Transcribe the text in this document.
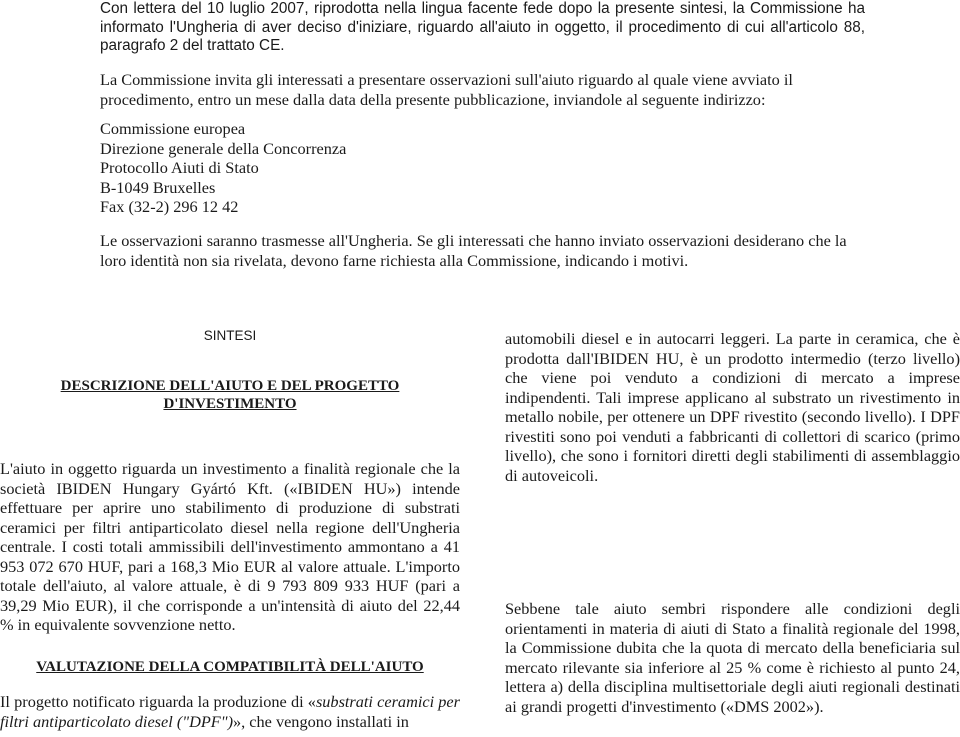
Con lettera del 10 luglio 2007, riprodotta nella lingua facente fede dopo la presente sintesi, la Commissione ha informato l'Ungheria di aver deciso d'iniziare, riguardo all'aiuto in oggetto, il procedimento di cui all'articolo 88, paragrafo 2 del trattato CE.

La Commissione invita gli interessati a presentare osservazioni sull'aiuto riguardo al quale viene avviato il procedimento, entro un mese dalla data della presente pubblicazione, inviandole al seguente indirizzo:

Commissione europea
Direzione generale della Concorrenza
Protocollo Aiuti di Stato
B-1049 Bruxelles
Fax (32-2) 296 12 42

Le osservazioni saranno trasmesse all'Ungheria. Se gli interessati che hanno inviato osservazioni desiderano che la loro identità non sia rivelata, devono farne richiesta alla Commissione, indicando i motivi.

SINTESI
DESCRIZIONE DELL'AIUTO E DEL PROGETTO D'INVESTIMENTO

L'aiuto in oggetto riguarda un investimento a finalità regionale che la società IBIDEN Hungary Gyártó Kft. («IBIDEN HU») intende effettuare per aprire uno stabilimento di produzione di substrati ceramici per filtri antiparticolato diesel nella regione dell'Ungheria centrale. I costi totali ammissibili dell'investimento ammontano a 41 953 072 670 HUF, pari a 168,3 Mio EUR al valore attuale. L'importo totale dell'aiuto, al valore attuale, è di 9 793 809 933 HUF (pari a 39,29 Mio EUR), il che corrisponde a un'intensità di aiuto del 22,44 % in equivalente sovvenzione netto.

VALUTAZIONE DELLA COMPATIBILITÀ DELL'AIUTO

Il progetto notificato riguarda la produzione di «substrati ceramici per filtri antiparticolato diesel ("DPF")», che vengono installati in

automobili diesel e in autocarri leggeri. La parte in ceramica, che è prodotta dall'IBIDEN HU, è un prodotto intermedio (terzo livello) che viene poi venduto a condizioni di mercato a imprese indipendenti. Tali imprese applicano al substrato un rivestimento in metallo nobile, per ottenere un DPF rivestito (secondo livello). I DPF rivestiti sono poi venduti a fabbricanti di collettori di scarico (primo livello), che sono i fornitori diretti degli stabilimenti di assemblaggio di autoveicoli.

Sebbene tale aiuto sembri rispondere alle condizioni degli orientamenti in materia di aiuti di Stato a finalità regionale del 1998, la Commissione dubita che la quota di mercato della beneficiaria sul mercato rilevante sia inferiore al 25 % come è richiesto al punto 24, lettera a) della disciplina multisettoriale degli aiuti regionali destinati ai grandi progetti d'investimento («DMS 2002»).
